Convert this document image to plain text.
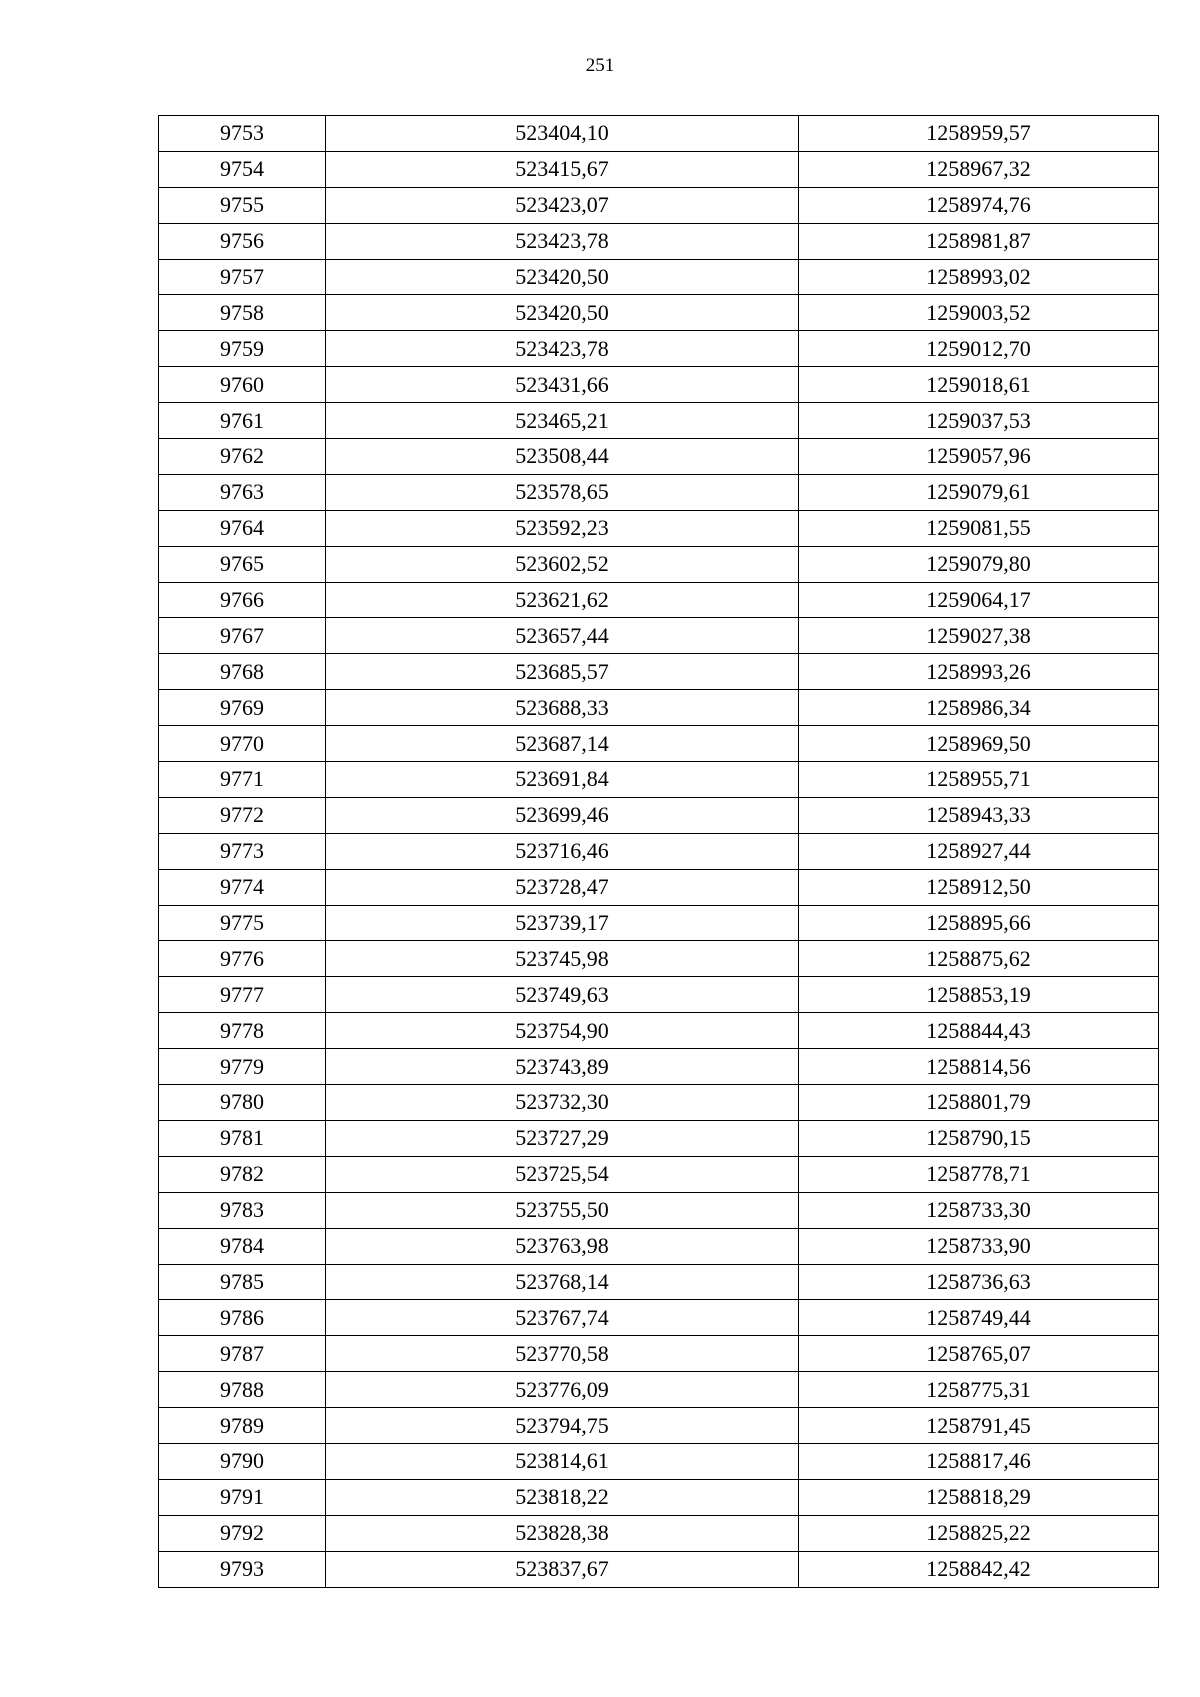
251
9753	523404,10	1258959,57
9754	523415,67	1258967,32
9755	523423,07	1258974,76
9756	523423,78	1258981,87
9757	523420,50	1258993,02
9758	523420,50	1259003,52
9759	523423,78	1259012,70
9760	523431,66	1259018,61
9761	523465,21	1259037,53
9762	523508,44	1259057,96
9763	523578,65	1259079,61
9764	523592,23	1259081,55
9765	523602,52	1259079,80
9766	523621,62	1259064,17
9767	523657,44	1259027,38
9768	523685,57	1258993,26
9769	523688,33	1258986,34
9770	523687,14	1258969,50
9771	523691,84	1258955,71
9772	523699,46	1258943,33
9773	523716,46	1258927,44
9774	523728,47	1258912,50
9775	523739,17	1258895,66
9776	523745,98	1258875,62
9777	523749,63	1258853,19
9778	523754,90	1258844,43
9779	523743,89	1258814,56
9780	523732,30	1258801,79
9781	523727,29	1258790,15
9782	523725,54	1258778,71
9783	523755,50	1258733,30
9784	523763,98	1258733,90
9785	523768,14	1258736,63
9786	523767,74	1258749,44
9787	523770,58	1258765,07
9788	523776,09	1258775,31
9789	523794,75	1258791,45
9790	523814,61	1258817,46
9791	523818,22	1258818,29
9792	523828,38	1258825,22
9793	523837,67	1258842,42
